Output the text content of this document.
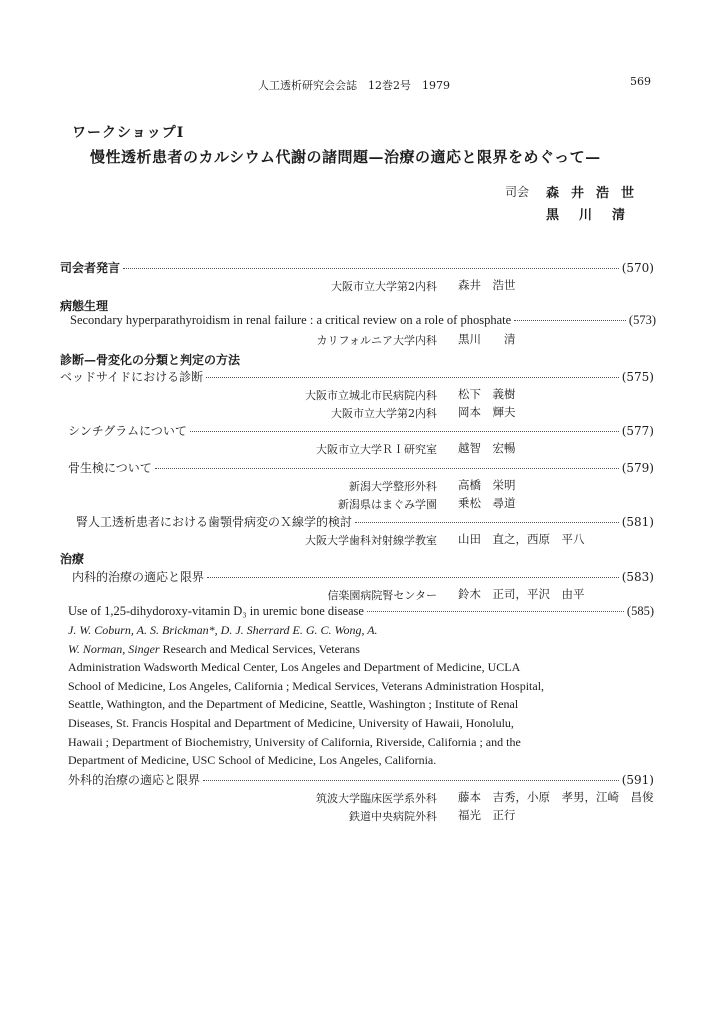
人工透析研究会会誌　12巻2号　1979	569
ワークショップⅠ
慢性透析患者のカルシウム代謝の諸問題—治療の適応と限界をめぐって—
司会 森井浩世
黒川清
司会者発言	(570)
大阪市立大学第2内科 森井　浩世
病態生理
Secondary hyperparathyroidism in renal failure : a critical review on a role of phosphate	(573)
カリフォルニア大学内科 黒川　　清
診断—骨変化の分類と判定の方法
ベッドサイドにおける診断	(575)
大阪市立城北市民病院内科 松下　義樹
大阪市立大学第2内科 岡本　輝夫
シンチグラムについて	(577)
大阪市立大学ＲＩ研究室 越智　宏暢
骨生検について	(579)
新潟大学整形外科 高橋　栄明
新潟県はまぐみ学園 乗松　尋道
腎人工透析患者における歯顎骨病変のＸ線学的検討	(581)
大阪大学歯科対射線学教室 山田　直之，西原　平八
治療
内科的治療の適応と限界	(583)
信楽園病院腎センター 鈴木　正司，平沢　由平
Use of 1,25-dihydoroxy-vitamin D₃ in uremic bone disease	(585)
J. W. Coburn, A. S. Brickman*, D. J. Sherrard E. G. C. Wong, A.
W. Norman, Singer Research and Medical Services, Veterans
Administration Wadsworth Medical Center, Los Angeles and Department of Medicine, UCLA
School of Medicine, Los Angeles, California ; Medical Services, Veterans Administration Hospital,
Seattle, Wathington, and the Department of Medicine, Seattle, Washington ; Institute of Renal
Diseases, St. Francis Hospital and Department of Medicine, University of Hawaii, Honolulu,
Hawaii ; Department of Biochemistry, University of California, Riverside, California ; and the
Department of Medicine, USC School of Medicine, Los Angeles, California.
外科的治療の適応と限界	(591)
筑波大学臨床医学系外科 藤本　吉秀，小原　孝男，江崎　昌俊
鉄道中央病院外科 福光　正行
